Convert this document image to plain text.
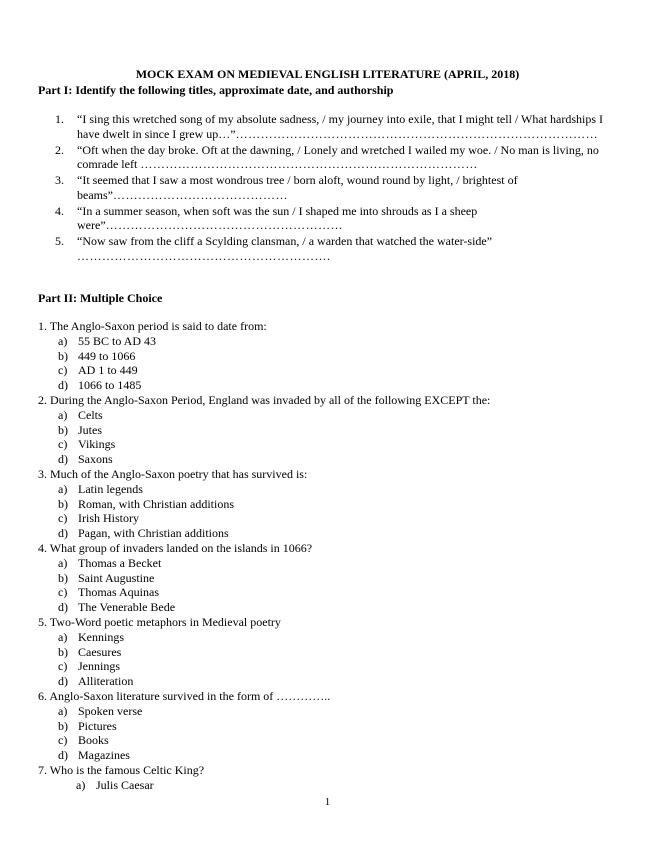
MOCK EXAM ON MEDIEVAL ENGLISH LITERATURE (APRIL, 2018)
Part I: Identify the following titles, approximate date, and authorship
1.	“I sing this wretched song of my absolute sadness, / my journey into exile, that I might tell / What hardships I have dwelt in since I grew up…”……………………………………………………………………………
2.	“Oft when the day broke. Oft at the dawning, / Lonely and wretched I wailed my woe. / No man is living, no comrade left ………………………………………………………………………
3.	“It seemed that I saw a most wondrous tree / born aloft, wound round by light, / brightest of beams”……………………………………
4.	“In a summer season, when soft was the sun / I shaped me into shrouds as I a sheep were”…………………………………………………
5.	“Now saw from the cliff a Scylding clansman, / a warden that watched the water-side”
…………………………………………………….
Part II: Multiple Choice
1. The Anglo-Saxon period is said to date from:
a) 55 BC to AD 43
b) 449 to 1066
c) AD 1 to 449
d) 1066 to 1485
2. During the Anglo-Saxon Period, England was invaded by all of the following EXCEPT the:
a) Celts
b) Jutes
c) Vikings
d) Saxons
3. Much of the Anglo-Saxon poetry that has survived is:
a) Latin legends
b) Roman, with Christian additions
c) Irish History
d) Pagan, with Christian additions
4. What group of invaders landed on the islands in 1066?
a) Thomas a Becket
b) Saint Augustine
c) Thomas Aquinas
d) The Venerable Bede
5. Two-Word poetic metaphors in Medieval poetry
a) Kennings
b) Caesures
c) Jennings
d) Alliteration
6. Anglo-Saxon literature survived in the form of …………..
a) Spoken verse
b) Pictures
c) Books
d) Magazines
7. Who is the famous Celtic King?
a) Julis Caesar
1
